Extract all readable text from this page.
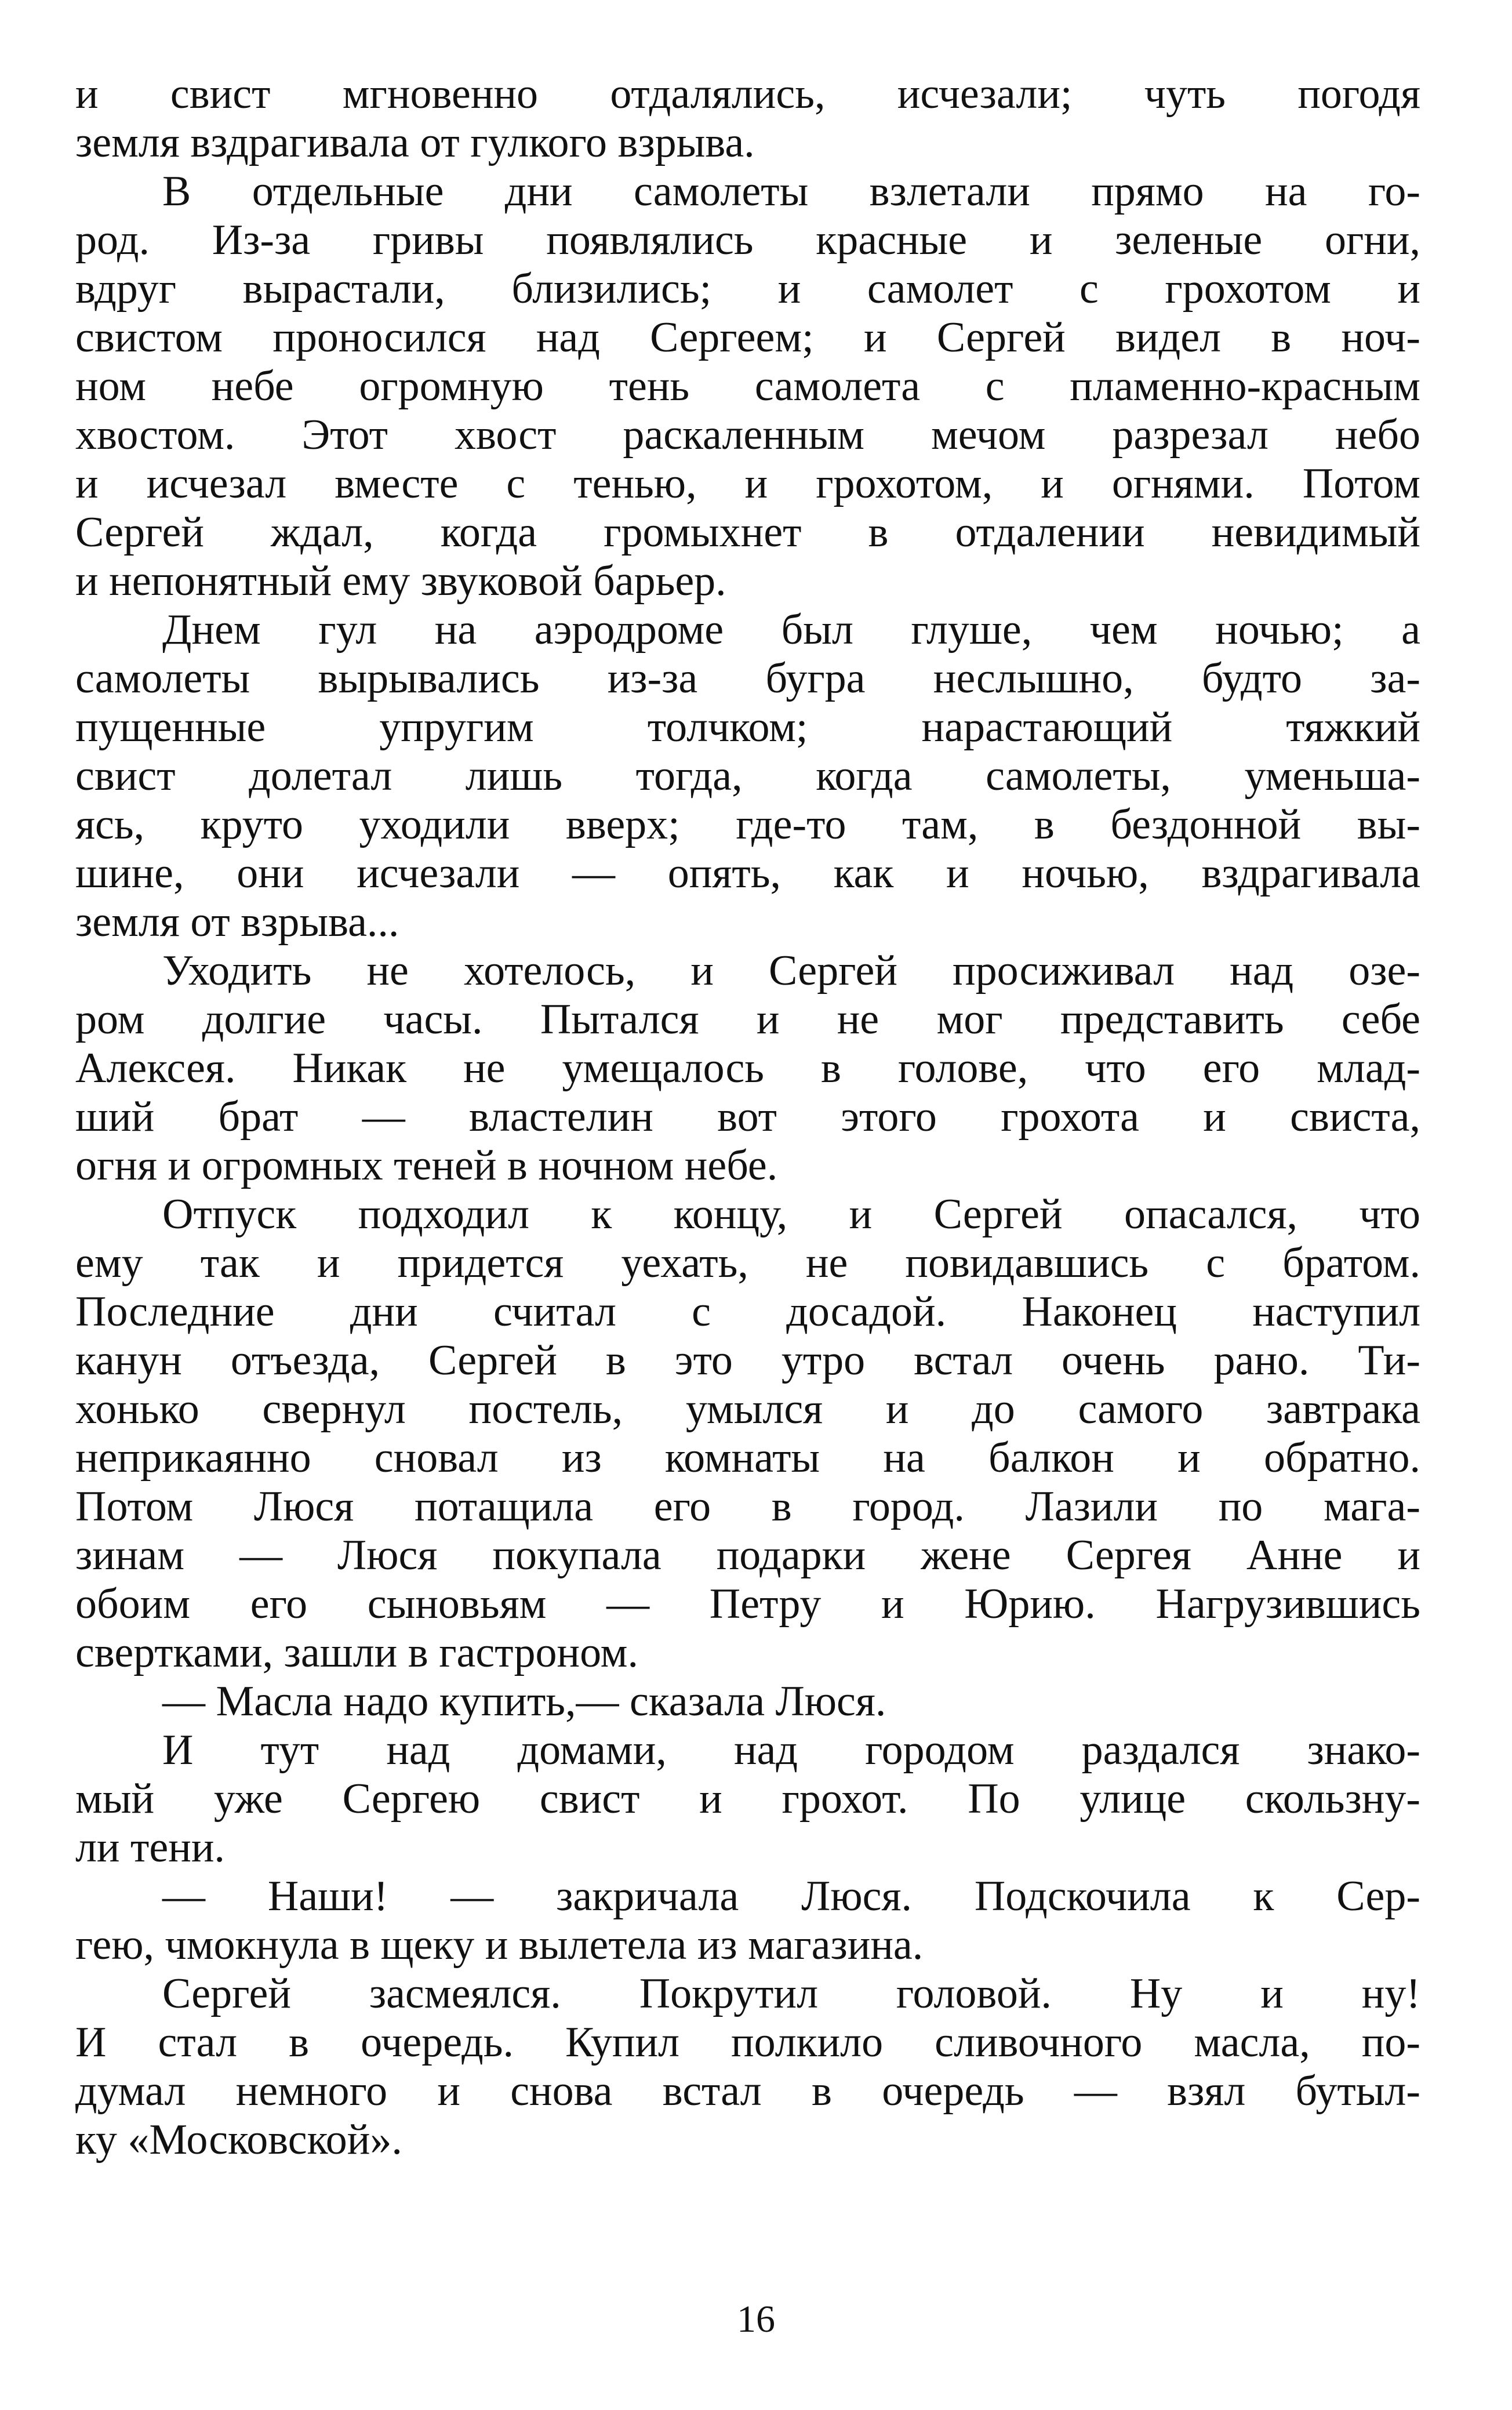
и свист мгновенно отдалялись, исчезали; чуть погодя
земля вздрагивала от гулкого взрыва.
В отдельные дни самолеты взлетали прямо на го-
род. Из-за гривы появлялись красные и зеленые огни,
вдруг вырастали, близились; и самолет с грохотом и
свистом проносился над Сергеем; и Сергей видел в ноч-
ном небе огромную тень самолета с пламенно-красным
хвостом. Этот хвост раскаленным мечом разрезал небо
и исчезал вместе с тенью, и грохотом, и огнями. Потом
Сергей ждал, когда громыхнет в отдалении невидимый
и непонятный ему звуковой барьер.
Днем гул на аэродроме был глуше, чем ночью; а
самолеты вырывались из-за бугра неслышно, будто за-
пущенные упругим толчком; нарастающий тяжкий
свист долетал лишь тогда, когда самолеты, уменьша-
ясь, круто уходили вверх; где-то там, в бездонной вы-
шине, они исчезали — опять, как и ночью, вздрагивала
земля от взрыва...
Уходить не хотелось, и Сергей просиживал над озе-
ром долгие часы. Пытался и не мог представить себе
Алексея. Никак не умещалось в голове, что его млад-
ший брат — властелин вот этого грохота и свиста,
огня и огромных теней в ночном небе.
Отпуск подходил к концу, и Сергей опасался, что
ему так и придется уехать, не повидавшись с братом.
Последние дни считал с досадой. Наконец наступил
канун отъезда, Сергей в это утро встал очень рано. Ти-
хонько свернул постель, умылся и до самого завтрака
неприкаянно сновал из комнаты на балкон и обратно.
Потом Люся потащила его в город. Лазили по мага-
зинам — Люся покупала подарки жене Сергея Анне и
обоим его сыновьям — Петру и Юрию. Нагрузившись
свертками, зашли в гастроном.
— Масла надо купить,— сказала Люся.
И тут над домами, над городом раздался знако-
мый уже Сергею свист и грохот. По улице скользну-
ли тени.
— Наши! — закричала Люся. Подскочила к Сер-
гею, чмокнула в щеку и вылетела из магазина.
Сергей засмеялся. Покрутил головой. Ну и ну!
И стал в очередь. Купил полкило сливочного масла, по-
думал немного и снова встал в очередь — взял бутыл-
ку «Московской».
16
